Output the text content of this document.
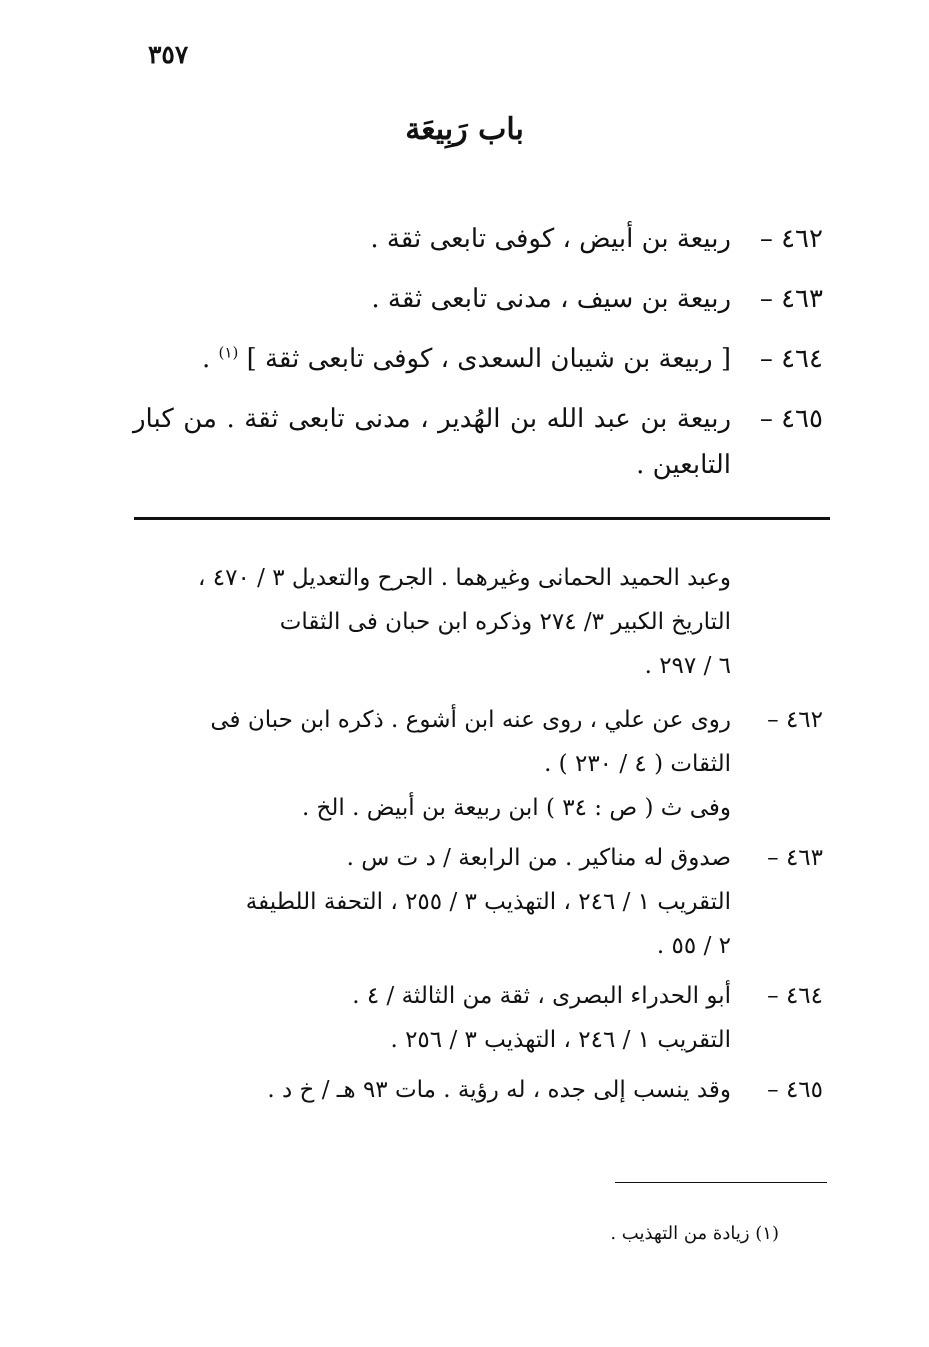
٣٥٧
باب رَبِيعَة
٤٦٢ –
ربيعة بن أبيض ، كوفى تابعى ثقة .
٤٦٣ –
ربيعة بن سيف ، مدنى تابعى ثقة .
٤٦٤ –
[ ربيعة بن شيبان السعدى ، كوفى تابعى ثقة ] $^{(١)}$ .
٤٦٥ –
ربيعة بن عبد الله بن الهُدير ، مدنى تابعى ثقة . من كبار التابعين .
وعبد الحميد الحمانى وغيرهما . الجرح والتعديل ٣ / ٤٧٠ ،
التاريخ الكبير ٣/ ٢٧٤ وذكره ابن حبان فى الثقات
٦ / ٢٩٧ .
٤٦٢ –
روى عن علي ، روى عنه ابن أشوع . ذكره ابن حبان فى
الثقات ( ٤ / ٢٣٠ ) .
وفى ث ( ص : ٣٤ ) ابن ربيعة بن أبيض . الخ .
٤٦٣ –
صدوق له مناكير . من الرابعة / د ت س .
التقريب ١ / ٢٤٦ ، التهذيب ٣ / ٢٥٥ ، التحفة اللطيفة
٢ / ٥٥ .
٤٦٤ –
أبو الحدراء البصرى ، ثقة من الثالثة / ٤ .
التقريب ١ / ٢٤٦ ، التهذيب ٣ / ٢٥٦ .
٤٦٥ –
وقد ينسب إلى جده ، له رؤية . مات ٩٣ هـ / خ د .
(١) زيادة من التهذيب .
